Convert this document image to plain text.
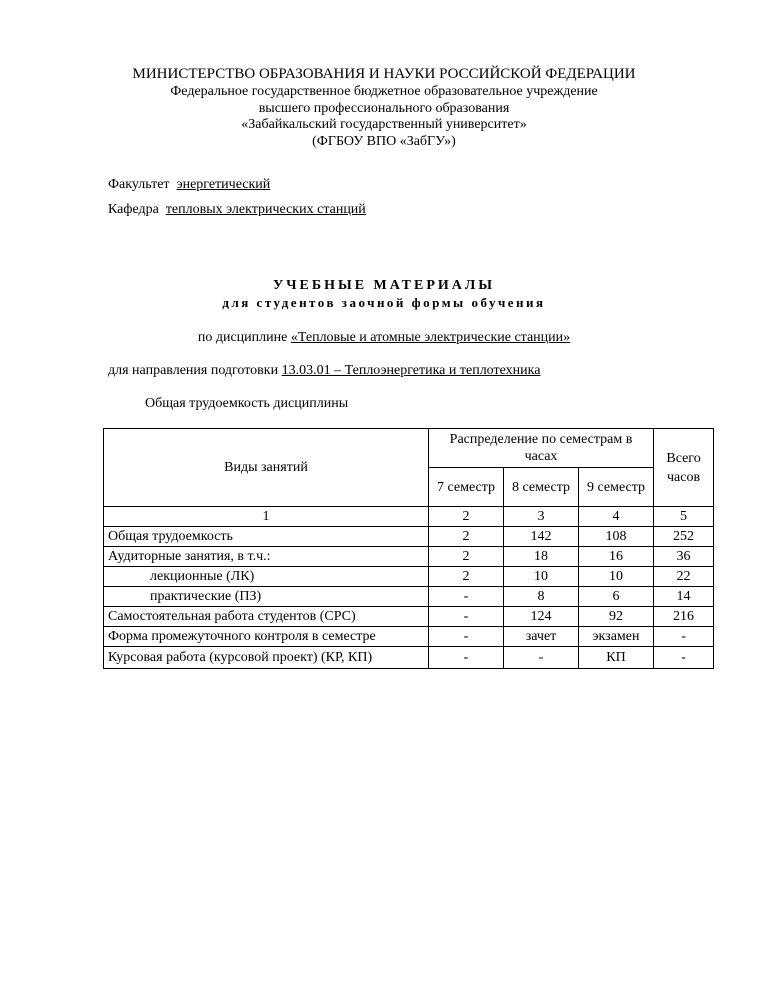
МИНИСТЕРСТВО ОБРАЗОВАНИЯ И НАУКИ РОССИЙСКОЙ ФЕДЕРАЦИИ
Федеральное государственное бюджетное образовательное учреждение
высшего профессионального образования
«Забайкальский государственный университет»
(ФГБОУ ВПО «ЗабГУ»)
Факультет энергетический
Кафедра тепловых электрических станций
УЧЕБНЫЕ МАТЕРИАЛЫ
для студентов заочной формы обучения
по дисциплине «Тепловые и атомные электрические станции»
для направления подготовки 13.03.01 – Теплоэнергетика и теплотехника
Общая трудоемкость дисциплины
Виды занятий	Распределение по семестрам в часах			Всего часов

	7 семестр	8 семестр	9 семестр	
1	2	3	4	5
Общая трудоемкость	2	142	108	252
Аудиторные занятия, в т.ч.:	2	18	16	36
лекционные (ЛК)	2	10	10	22
практические (ПЗ)	-	8	6	14
Самостоятельная работа студентов (СРС)	-	124	92	216
Форма промежуточного контроля в семестре	-	зачет	экзамен	-
Курсовая работа (курсовой проект) (КР, КП)	-	-	КП	-
